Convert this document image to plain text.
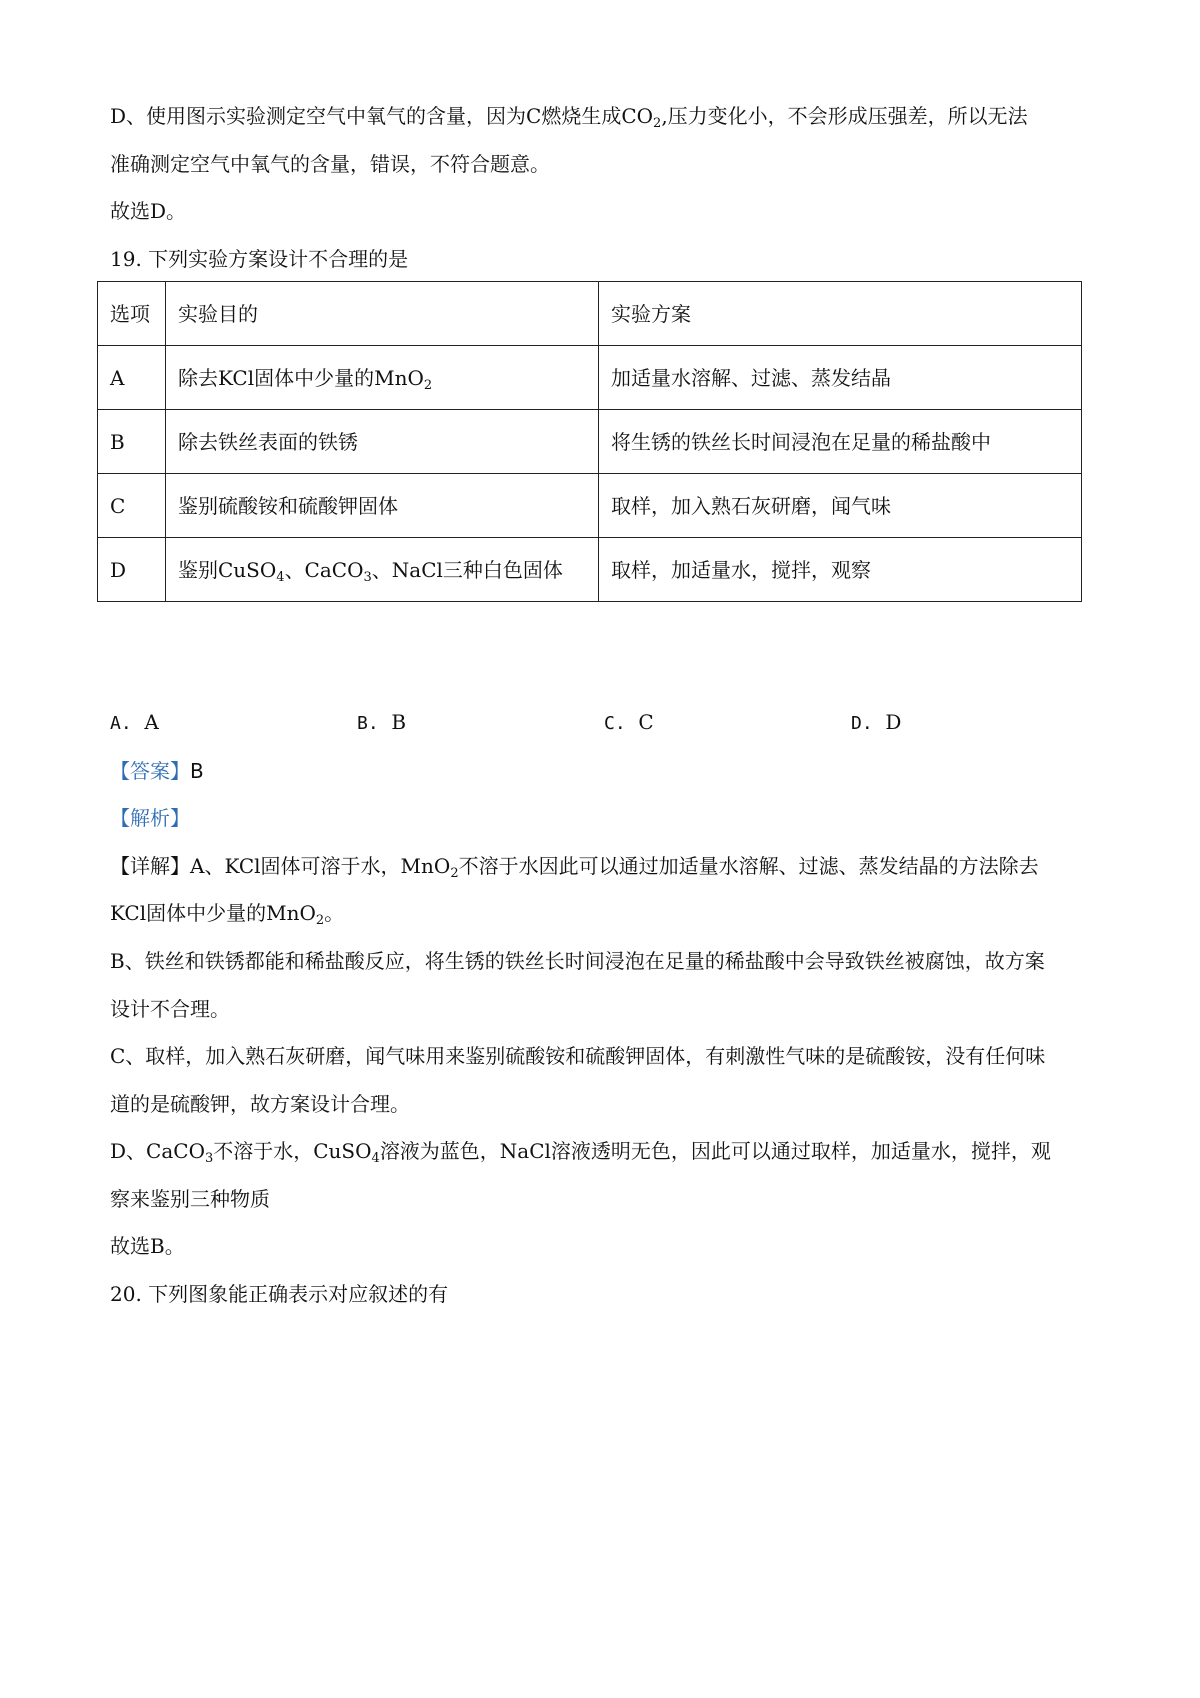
D、使用图示实验测定空气中氧气的含量，因为C燃烧生成$CO_2$,压力变化小，不会形成压强差，所以无法
准确测定空气中氧气的含量，错误，不符合题意。
故选D。
19. 下列实验方案设计不合理的是
选项	实验目的	实验方案
A	除去KCl固体中少量的MnO$_2$	加适量水溶解、过滤、蒸发结晶
B	除去铁丝表面的铁锈	将生锈的铁丝长时间浸泡在足量的稀盐酸中
C	鉴别硫酸铵和硫酸钾固体	取样，加入熟石灰研磨，闻气味
D	鉴别CuSO$_4$、CaCO$_3$、NaCl三种白色固体	取样，加适量水，搅拌，观察
A. A	B. B	C. C	D. D
【答案】B
【解析】
【详解】A、KCl固体可溶于水，MnO$_2$不溶于水因此可以通过加适量水溶解、过滤、蒸发结晶的方法除去
KCl固体中少量的MnO$_2$。
B、铁丝和铁锈都能和稀盐酸反应，将生锈的铁丝长时间浸泡在足量的稀盐酸中会导致铁丝被腐蚀，故方案
设计不合理。
C、取样，加入熟石灰研磨，闻气味用来鉴别硫酸铵和硫酸钾固体，有刺激性气味的是硫酸铵，没有任何味
道的是硫酸钾，故方案设计合理。
D、CaCO$_3$不溶于水，CuSO$_4$溶液为蓝色，NaCl溶液透明无色，因此可以通过取样，加适量水，搅拌，观
察来鉴别三种物质
故选B。
20. 下列图象能正确表示对应叙述的有
